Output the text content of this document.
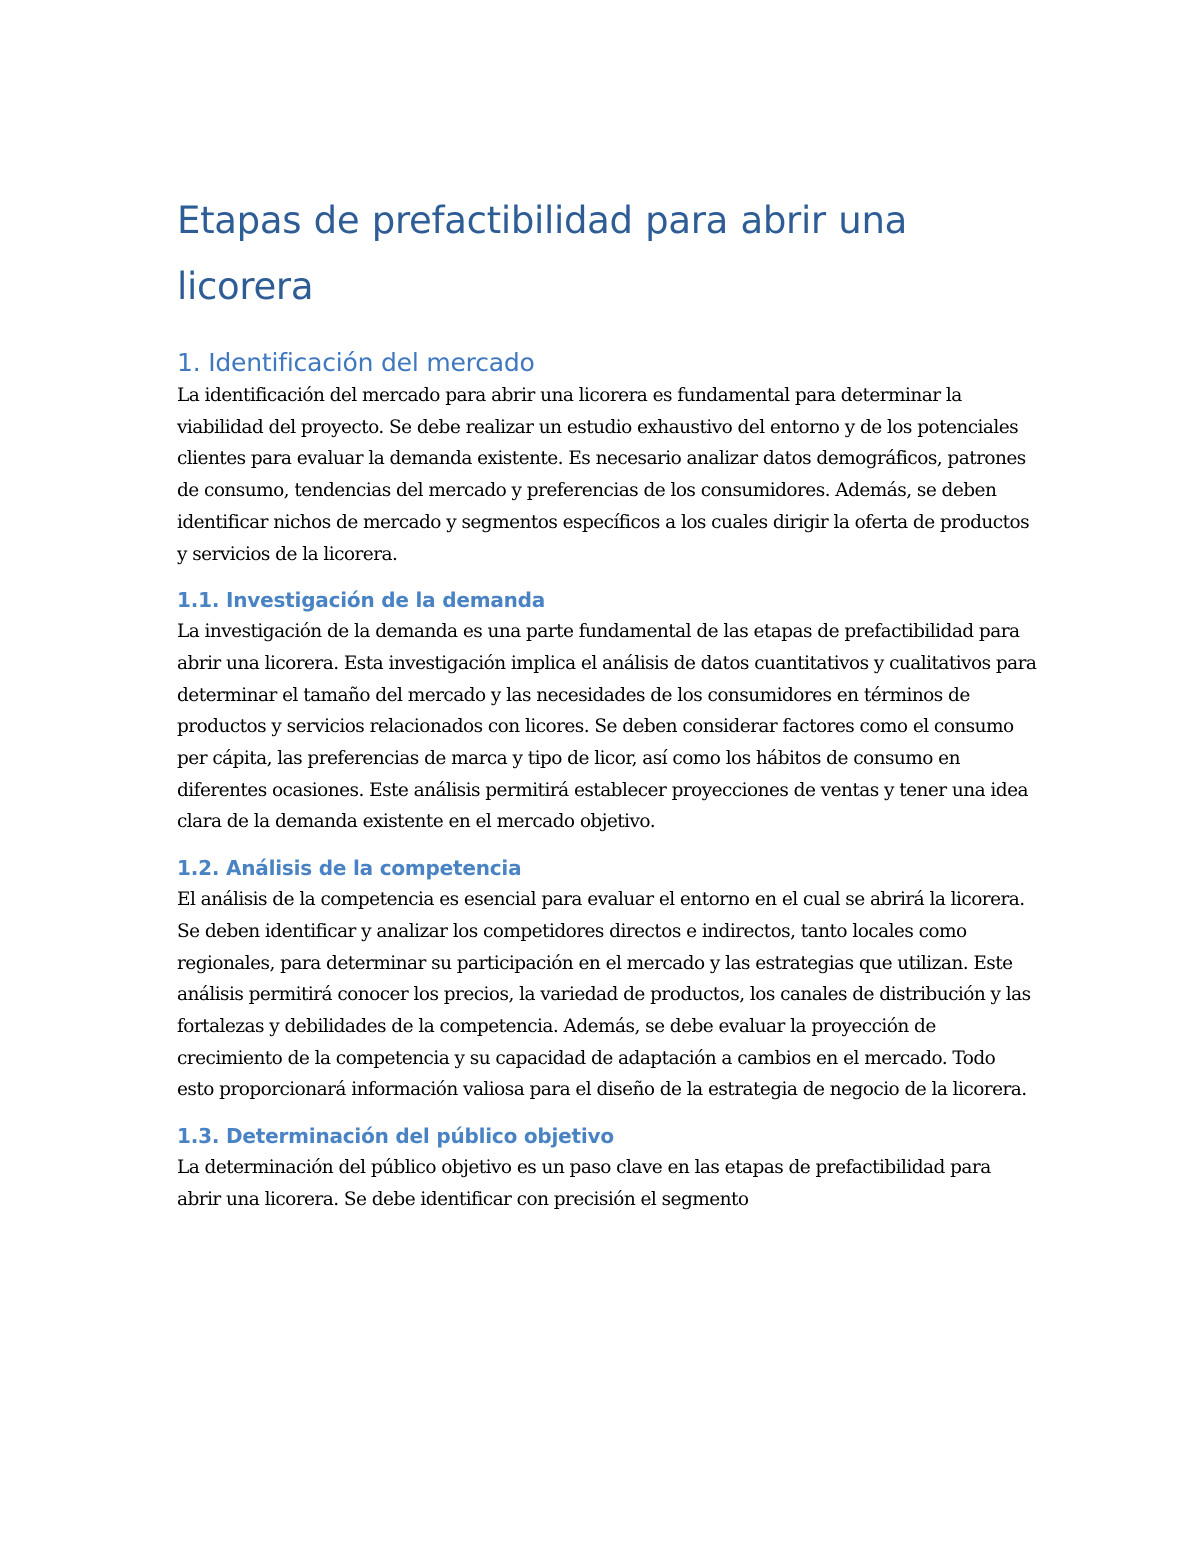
Etapas de prefactibilidad para abrir una licorera
1. Identificación del mercado

La identificación del mercado para abrir una licorera es fundamental para determinar la viabilidad del proyecto. Se debe realizar un estudio exhaustivo del entorno y de los potenciales clientes para evaluar la demanda existente. Es necesario analizar datos demográficos, patrones de consumo, tendencias del mercado y preferencias de los consumidores. Además, se deben identificar nichos de mercado y segmentos específicos a los cuales dirigir la oferta de productos y servicios de la licorera.

1.1. Investigación de la demanda

La investigación de la demanda es una parte fundamental de las etapas de prefactibilidad para abrir una licorera. Esta investigación implica el análisis de datos cuantitativos y cualitativos para determinar el tamaño del mercado y las necesidades de los consumidores en términos de productos y servicios relacionados con licores. Se deben considerar factores como el consumo per cápita, las preferencias de marca y tipo de licor, así como los hábitos de consumo en diferentes ocasiones. Este análisis permitirá establecer proyecciones de ventas y tener una idea clara de la demanda existente en el mercado objetivo.

1.2. Análisis de la competencia

El análisis de la competencia es esencial para evaluar el entorno en el cual se abrirá la licorera. Se deben identificar y analizar los competidores directos e indirectos, tanto locales como regionales, para determinar su participación en el mercado y las estrategias que utilizan. Este análisis permitirá conocer los precios, la variedad de productos, los canales de distribución y las fortalezas y debilidades de la competencia. Además, se debe evaluar la proyección de crecimiento de la competencia y su capacidad de adaptación a cambios en el mercado. Todo esto proporcionará información valiosa para el diseño de la estrategia de negocio de la licorera.

1.3. Determinación del público objetivo

La determinación del público objetivo es un paso clave en las etapas de prefactibilidad para abrir una licorera. Se debe identificar con precisión el segmento
